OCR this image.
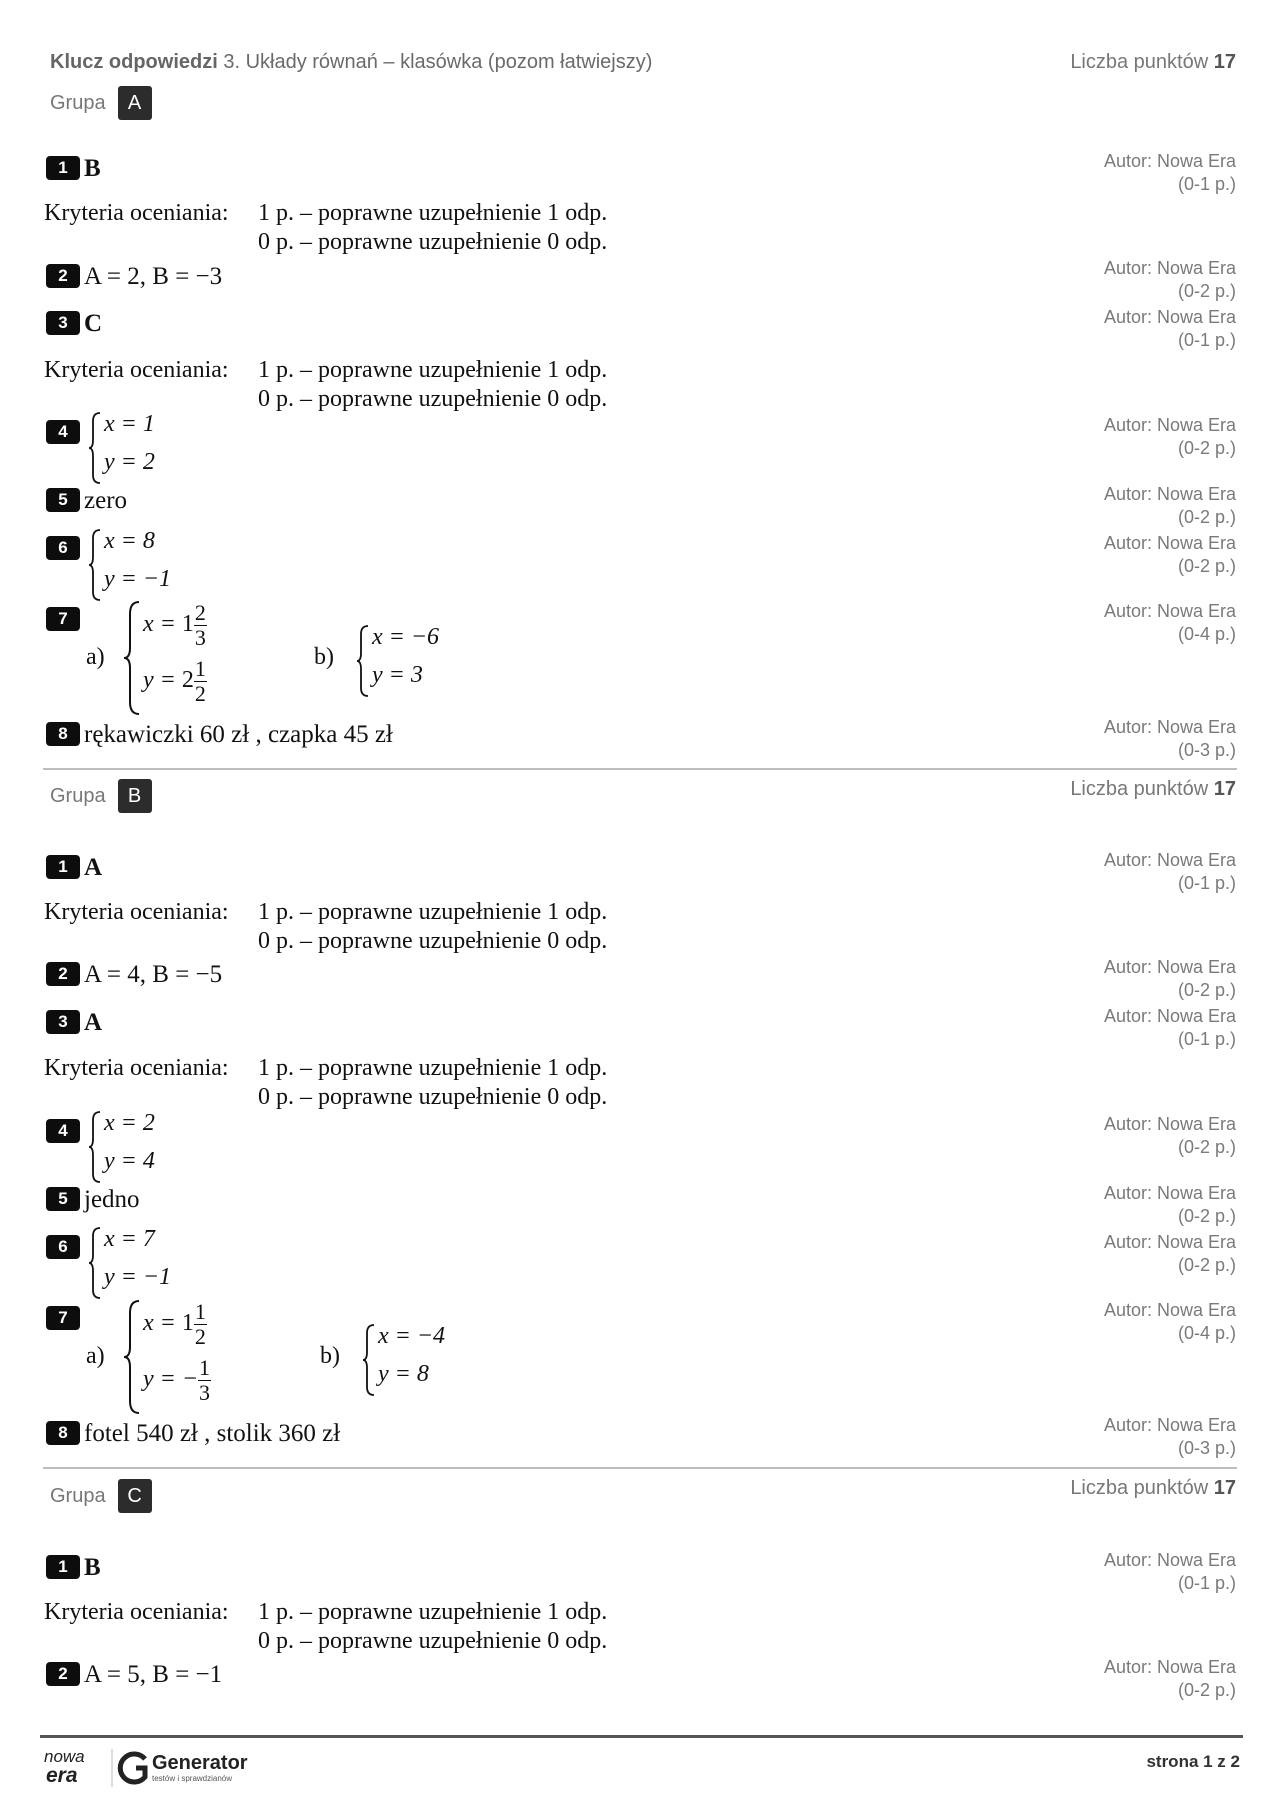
Klucz odpowiedzi 3. Układy równań – klasówka (pozom łatwiejszy)	Liczba punktów 17
Grupa	A
1 B	Autor: Nowa Era
(0-1 p.)
Kryteria oceniania: 1 p. – poprawne uzupełnienie 1 odp.
0 p. – poprawne uzupełnienie 0 odp.
2 A = 2, B = −3	Autor: Nowa Era
(0-2 p.)
3 C	Autor: Nowa Era
(0-1 p.)
Kryteria oceniania: 1 p. – poprawne uzupełnienie 1 odp.
0 p. – poprawne uzupełnienie 0 odp.
4	x = 1
y = 2
Autor: Nowa Era
(0-2 p.)
5 zero	Autor: Nowa Era
(0-2 p.)
6	x = 8
y = −1
Autor: Nowa Era
(0-2 p.)
7
a)
$x = 1 \frac{2}{3}$
$y = 2 \frac{1}{2}$	b)
x = −6
y = 3
Autor: Nowa Era
(0-4 p.)
8 rękawiczki 60 zł , czapka 45 zł	Autor: Nowa Era
(0-3 p.)
Liczba punktów 17
Grupa	B
1 A	Autor: Nowa Era
(0-1 p.)
Kryteria oceniania: 1 p. – poprawne uzupełnienie 1 odp.
0 p. – poprawne uzupełnienie 0 odp.
2 A = 4, B = −5	Autor: Nowa Era
(0-2 p.)
3 A	Autor: Nowa Era
(0-1 p.)
Kryteria oceniania: 1 p. – poprawne uzupełnienie 1 odp.
0 p. – poprawne uzupełnienie 0 odp.
4	x = 2
y = 4
Autor: Nowa Era
(0-2 p.)
5 jedno	Autor: Nowa Era
(0-2 p.)
6	x = 7
y = −1
Autor: Nowa Era
(0-2 p.)
7
a)
$x = 1 \frac{1}{2}$
y = − $\frac{1}{3}$	b)
x = −4
y = 8
Autor: Nowa Era
(0-4 p.)
8 fotel 540 zł , stolik 360 zł	Autor: Nowa Era
(0-3 p.)
Liczba punktów 17
Grupa	C
1 B	Autor: Nowa Era
(0-1 p.)
Kryteria oceniania: 1 p. – poprawne uzupełnienie 1 odp.
0 p. – poprawne uzupełnienie 0 odp.
2 A = 5, B = −1	Autor: Nowa Era
(0-2 p.)
nowa
era
Generator
testów i sprawdzianów
strona 1 z 2
